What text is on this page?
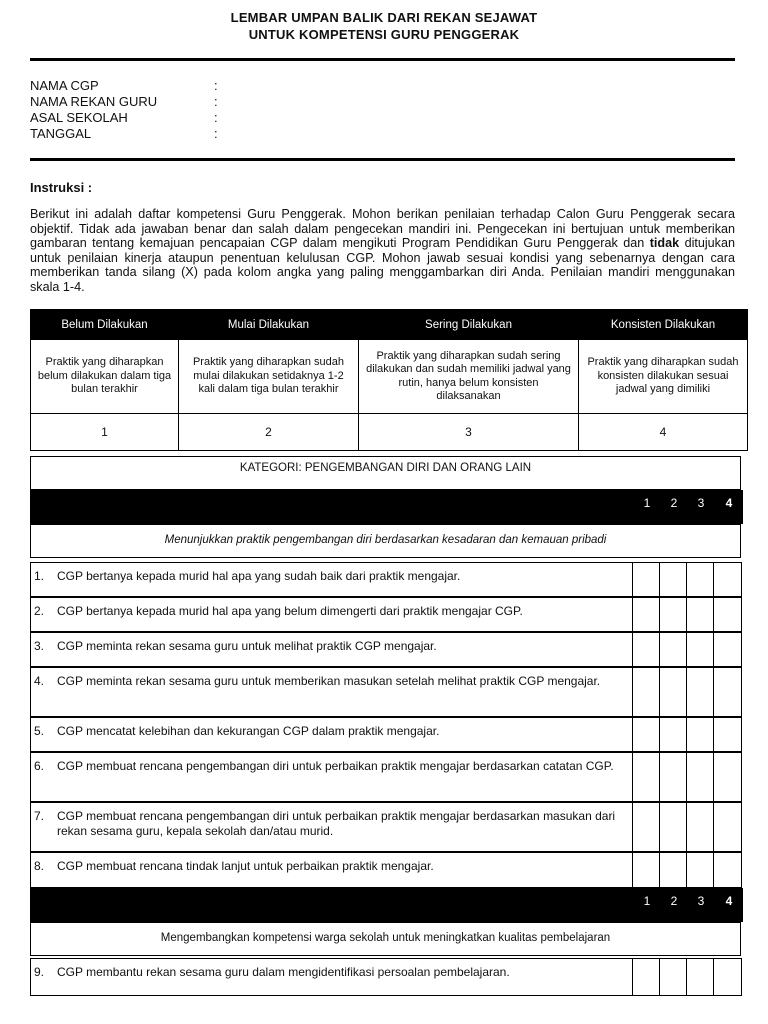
LEMBAR UMPAN BALIK DARI REKAN SEJAWAT
UNTUK KOMPETENSI GURU PENGGERAK
NAMA CGP	:
NAMA REKAN GURU	:
ASAL SEKOLAH	:
TANGGAL	:
Instruksi :
Berikut ini adalah daftar kompetensi Guru Penggerak. Mohon berikan penilaian terhadap Calon Guru Penggerak secara objektif. Tidak ada jawaban benar dan salah dalam pengecekan mandiri ini. Pengecekan ini bertujuan untuk memberikan gambaran tentang kemajuan pencapaian CGP dalam mengikuti Program Pendidikan Guru Penggerak dan tidak ditujukan untuk penilaian kinerja ataupun penentuan kelulusan CGP. Mohon jawab sesuai kondisi yang sebenarnya dengan cara memberikan tanda silang (X) pada kolom angka yang paling menggambarkan diri Anda. Penilaian mandiri menggunakan skala 1-4.
Belum Dilakukan	Mulai Dilakukan	Sering Dilakukan	Konsisten Dilakukan
Praktik yang diharapkan belum dilakukan dalam tiga bulan terakhir	Praktik yang diharapkan sudah mulai dilakukan setidaknya 1-2 kali dalam tiga bulan terakhir	Praktik yang diharapkan sudah sering dilakukan dan sudah memiliki jadwal yang rutin, hanya belum konsisten dilaksanakan	Praktik yang diharapkan sudah konsisten dilakukan sesuai jadwal yang dimiliki
1	2	3	4
KATEGORI: PENGEMBANGAN DIRI DAN ORANG LAIN
1	2	3	4
Menunjukkan praktik pengembangan diri berdasarkan kesadaran dan kemauan pribadi
1. CGP bertanya kepada murid hal apa yang sudah baik dari praktik mengajar.
2. CGP bertanya kepada murid hal apa yang belum dimengerti dari praktik mengajar CGP.
3. CGP meminta rekan sesama guru untuk melihat praktik CGP mengajar.
4. CGP meminta rekan sesama guru untuk memberikan masukan setelah melihat praktik CGP mengajar.
5. CGP mencatat kelebihan dan kekurangan CGP dalam praktik mengajar.
6. CGP membuat rencana pengembangan diri untuk perbaikan praktik mengajar berdasarkan catatan CGP.
7. CGP membuat rencana pengembangan diri untuk perbaikan praktik mengajar berdasarkan masukan dari rekan sesama guru, kepala sekolah dan/atau murid.
8. CGP membuat rencana tindak lanjut untuk perbaikan praktik mengajar.
1	2	3	4
Mengembangkan kompetensi warga sekolah untuk meningkatkan kualitas pembelajaran
9. CGP membantu rekan sesama guru dalam mengidentifikasi persoalan pembelajaran.
